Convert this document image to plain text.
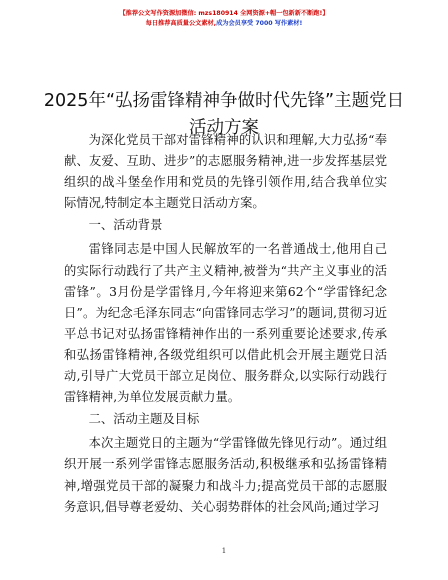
【推荐公文写作资源加微信: mzs180914 全网资源+帽一包新新不断跑!】
每日推荐高质量公文素材,成为会员享受 7000 写作素材!
2025年“弘扬雷锋精神争做时代先锋”主题党日活动方案

为深化党员干部对雷锋精神的认识和理解,大力弘扬“奉献、友爱、互助、进步”的志愿服务精神,进一步发挥基层党组织的战斗堡垒作用和党员的先锋引领作用,结合我单位实际情况,特制定本主题党日活动方案。

一、活动背景

雷锋同志是中国人民解放军的一名普通战士,他用自己的实际行动践行了共产主义精神,被誉为“共产主义事业的活雷锋”。3月份是学雷锋月,今年将迎来第62个“学雷锋纪念日”。为纪念毛泽东同志“向雷锋同志学习”的题词,贯彻习近平总书记对弘扬雷锋精神作出的一系列重要论述要求,传承和弘扬雷锋精神,各级党组织可以借此机会开展主题党日活动,引导广大党员干部立足岗位、服务群众,以实际行动践行雷锋精神,为单位发展贡献力量。

二、活动主题及目标

本次主题党日的主题为“学雷锋做先锋见行动”。通过组织开展一系列学雷锋志愿服务活动,积极继承和弘扬雷锋精神,增强党员干部的凝聚力和战斗力;提高党员干部的志愿服务意识,倡导尊老爱幼、关心弱势群体的社会风尚;通过学习

1
